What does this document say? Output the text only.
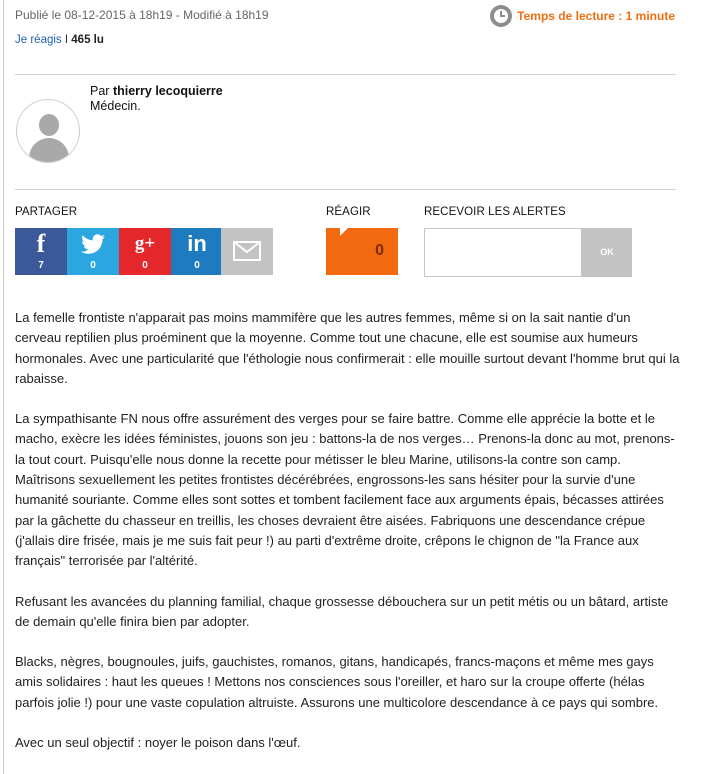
Publié le 08-12-2015 à 18h19 - Modifié à 18h19	Temps de lecture : 1 minute
Je réagis I 465 lu
Par thierry lecoquierre
Médecin.
PARTAGER	RÉAGIR	RECEVOIR LES ALERTES
f
7	0
g+
0
in
0
0	OK

La femelle frontiste n'apparait pas moins mammifère que les autres femmes, même si on la sait nantie d'un cerveau reptilien plus proéminent que la moyenne. Comme tout une chacune, elle est soumise aux humeurs hormonales. Avec une particularité que l'éthologie nous confirmerait : elle mouille surtout devant l'homme brut qui la rabaisse.

La sympathisante FN nous offre assurément des verges pour se faire battre. Comme elle apprécie la botte et le macho, exècre les idées féministes, jouons son jeu : battons-la de nos verges… Prenons-la donc au mot, prenons-la tout court. Puisqu'elle nous donne la recette pour métisser le bleu Marine, utilisons-la contre son camp. Maîtrisons sexuellement les petites frontistes décérébrées, engrossons-les sans hésiter pour la survie d'une humanité souriante. Comme elles sont sottes et tombent facilement face aux arguments épais, bécasses attirées par la gâchette du chasseur en treillis, les choses devraient être aisées. Fabriquons une descendance crépue (j'allais dire frisée, mais je me suis fait peur !) au parti d'extrême droite, crêpons le chignon de "la France aux français" terrorisée par l'altérité.

Refusant les avancées du planning familial, chaque grossesse débouchera sur un petit métis ou un bâtard, artiste de demain qu'elle finira bien par adopter.

Blacks, nègres, bougnoules, juifs, gauchistes, romanos, gitans, handicapés, francs-maçons et même mes gays amis solidaires : haut les queues ! Mettons nos consciences sous l'oreiller, et haro sur la croupe offerte (hélas parfois jolie !) pour une vaste copulation altruiste. Assurons une multicolore descendance à ce pays qui sombre.

Avec un seul objectif : noyer le poison dans l'œuf.
